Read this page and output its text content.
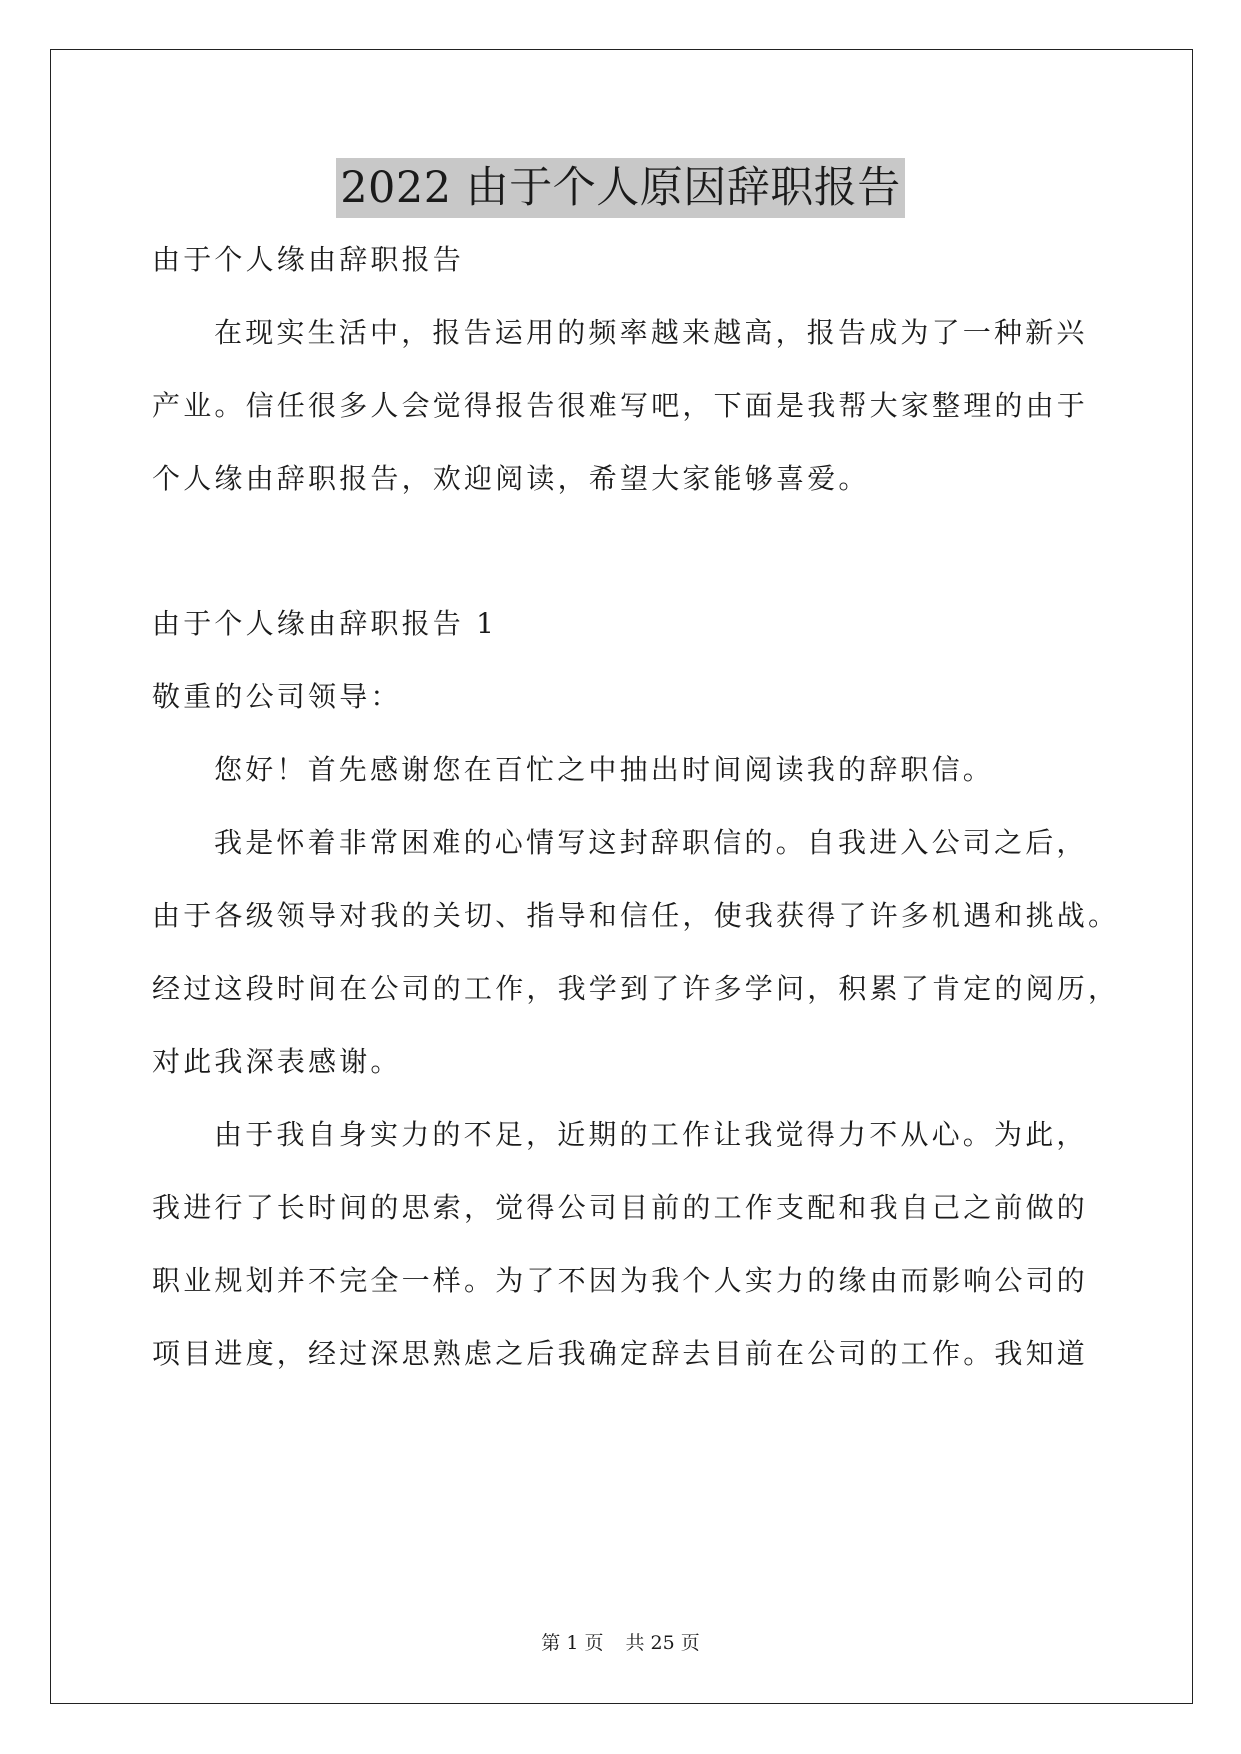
2022 由于个人原因辞职报告
由于个人缘由辞职报告
在现实生活中，报告运用的频率越来越高，报告成为了一种新兴
产业。信任很多人会觉得报告很难写吧，下面是我帮大家整理的由于
个人缘由辞职报告，欢迎阅读，希望大家能够喜爱。
由于个人缘由辞职报告 1
敬重的公司领导：
您好！首先感谢您在百忙之中抽出时间阅读我的辞职信。
我是怀着非常困难的心情写这封辞职信的。自我进入公司之后，
由于各级领导对我的关切、指导和信任，使我获得了许多机遇和挑战。
经过这段时间在公司的工作，我学到了许多学问，积累了肯定的阅历，
对此我深表感谢。
由于我自身实力的不足，近期的工作让我觉得力不从心。为此，
我进行了长时间的思索，觉得公司目前的工作支配和我自己之前做的
职业规划并不完全一样。为了不因为我个人实力的缘由而影响公司的
项目进度，经过深思熟虑之后我确定辞去目前在公司的工作。我知道
第 1 页 共 25 页
